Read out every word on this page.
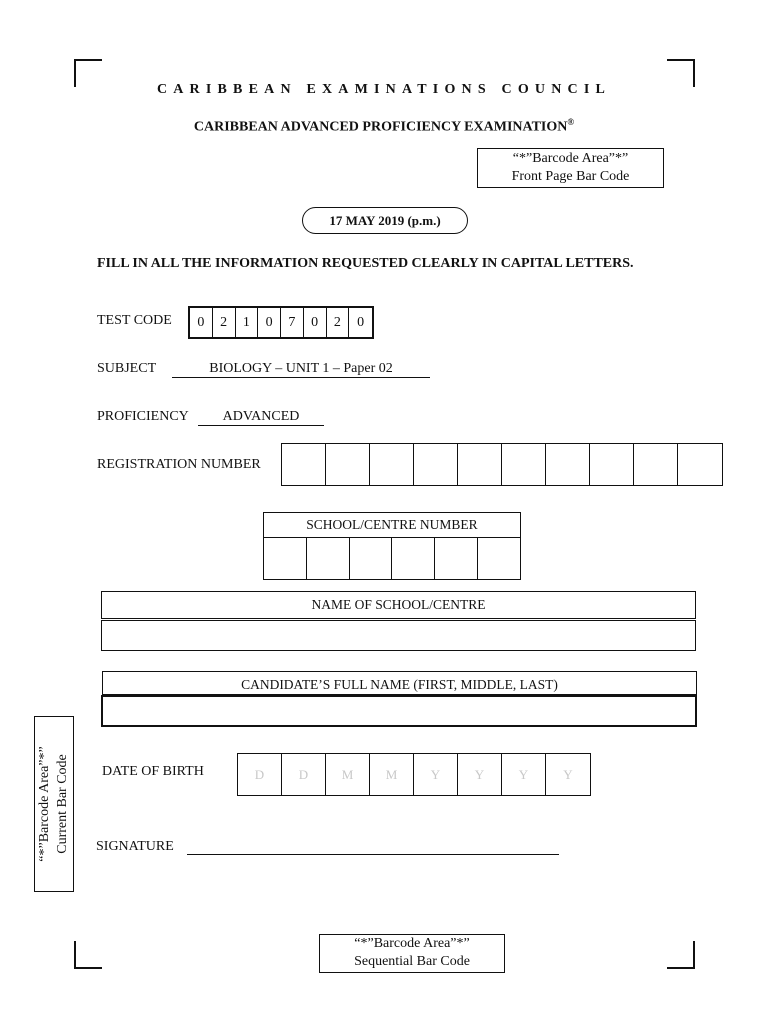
CARIBBEAN EXAMINATIONS COUNCIL
CARIBBEAN ADVANCED PROFICIENCY EXAMINATION®
“*”Barcode Area”*”
Front Page Bar Code
17 MAY 2019 (p.m.)
FILL IN ALL THE INFORMATION REQUESTED CLEARLY IN CAPITAL LETTERS.
TEST CODE	0	2	1	0	7	0	2	0
SUBJECT	BIOLOGY – UNIT 1 – Paper 02
PROFICIENCY	ADVANCED
REGISTRATION NUMBER
SCHOOL/CENTRE NUMBER
NAME OF SCHOOL/CENTRE
CANDIDATE’S FULL NAME (FIRST, MIDDLE, LAST)
“*”Barcode Area”*” Current Bar Code DATE OF BIRTH	D	D	M	M	Y	Y	Y	Y
SIGNATURE
“*”Barcode Area”*”
Sequential Bar Code
